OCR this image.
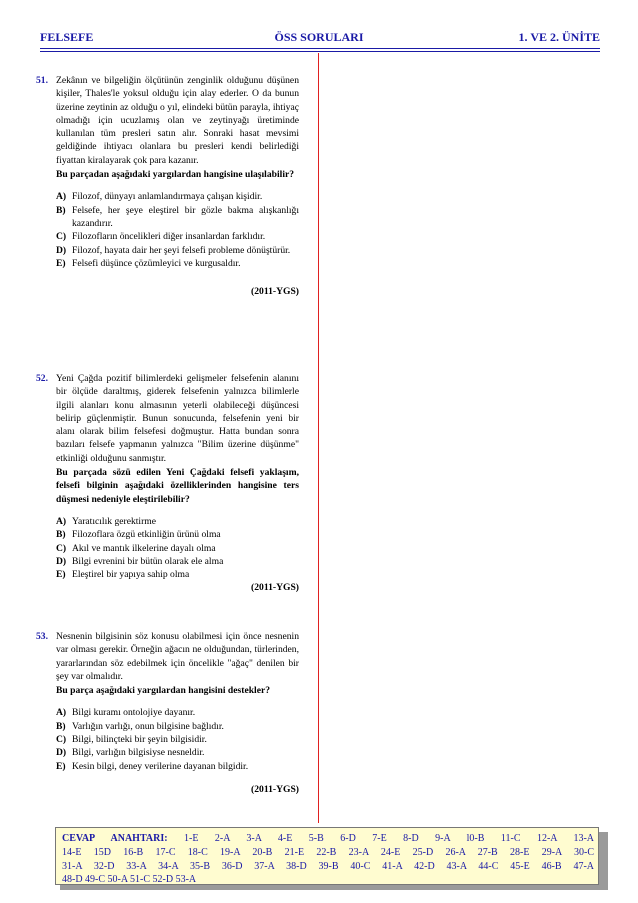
FELSEFE	ÖSS SORULARI	1. VE 2. ÜNİTE
51. Zekânın ve bilgeliğin ölçütünün zenginlik olduğunu düşünen kişiler, Thales'le yoksul olduğu için alay ederler. O da bunun üzerine zeytinin az olduğu o yıl, elindeki bütün parayla, ihtiyaç olmadığı için ucuzlamış olan ve zeytinyağı üretiminde kullanılan tüm presleri satın alır. Sonraki hasat mevsimi geldiğinde ihtiyacı olanlara bu presleri kendi belirlediği fiyattan kiralayarak çok para kazanır.
Bu parçadan aşağıdaki yargılardan hangisine ulaşılabilir?
A) Filozof, dünyayı anlamlandırmaya çalışan kişidir.
B) Felsefe, her şeye eleştirel bir gözle bakma alışkanlığı kazandırır.
C) Filozofların öncelikleri diğer insanlardan farklıdır.
D) Filozof, hayata dair her şeyi felsefi probleme dönüştürür.
E) Felsefi düşünce çözümleyici ve kurgusaldır.
(2011-YGS)
52. Yeni Çağda pozitif bilimlerdeki gelişmeler felsefenin alanını bir ölçüde daraltmış, giderek felsefenin yalnızca bilimlerle ilgili alanları konu almasının yeterli olabileceği düşüncesi belirip güçlenmiştir. Bunun sonucunda, felsefenin yeni bir alanı olarak bilim felsefesi doğmuştur. Hatta bundan sonra bazıları felsefe yapmanın yalnızca "Bilim üzerine düşünme" etkinliği olduğunu sanmıştır.
Bu parçada sözü edilen Yeni Çağdaki felsefi yaklaşım, felsefi bilginin aşağıdaki özelliklerinden hangisine ters düşmesi nedeniyle eleştirilebilir?
A) Yaratıcılık gerektirme
B) Filozoflara özgü etkinliğin ürünü olma
C) Akıl ve mantık ilkelerine dayalı olma
D) Bilgi evrenini bir bütün olarak ele alma
E) Eleştirel bir yapıya sahip olma
(2011-YGS)
53. Nesnenin bilgisinin söz konusu olabilmesi için önce nesnenin var olması gerekir. Örneğin ağacın ne olduğundan, türlerinden, yararlarından söz edebilmek için öncelikle "ağaç" denilen bir şey var olmalıdır.
Bu parça aşağıdaki yargılardan hangisini destekler?
A) Bilgi kuramı ontolojiye dayanır.
B) Varlığın varlığı, onun bilgisine bağlıdır.
C) Bilgi, bilinçteki bir şeyin bilgisidir.
D) Bilgi, varlığın bilgisiyse nesneldir.
E) Kesin bilgi, deney verilerine dayanan bilgidir.
(2011-YGS)
CEVAP ANAHTARI: 1-E 2-A 3-A 4-E 5-B 6-D 7-E 8-D 9-A l0-B 11-C 12-A 13-A
14-E 15D 16-B 17-C 18-C 19-A 20-B 21-E 22-B 23-A 24-E 25-D 26-A 27-B 28-E 29-A 30-C
31-A 32-D 33-A 34-A 35-B 36-D 37-A 38-D 39-B 40-C 41-A 42-D 43-A 44-C 45-E 46-B 47-A
48-D 49-C 50-A 51-C 52-D 53-A
